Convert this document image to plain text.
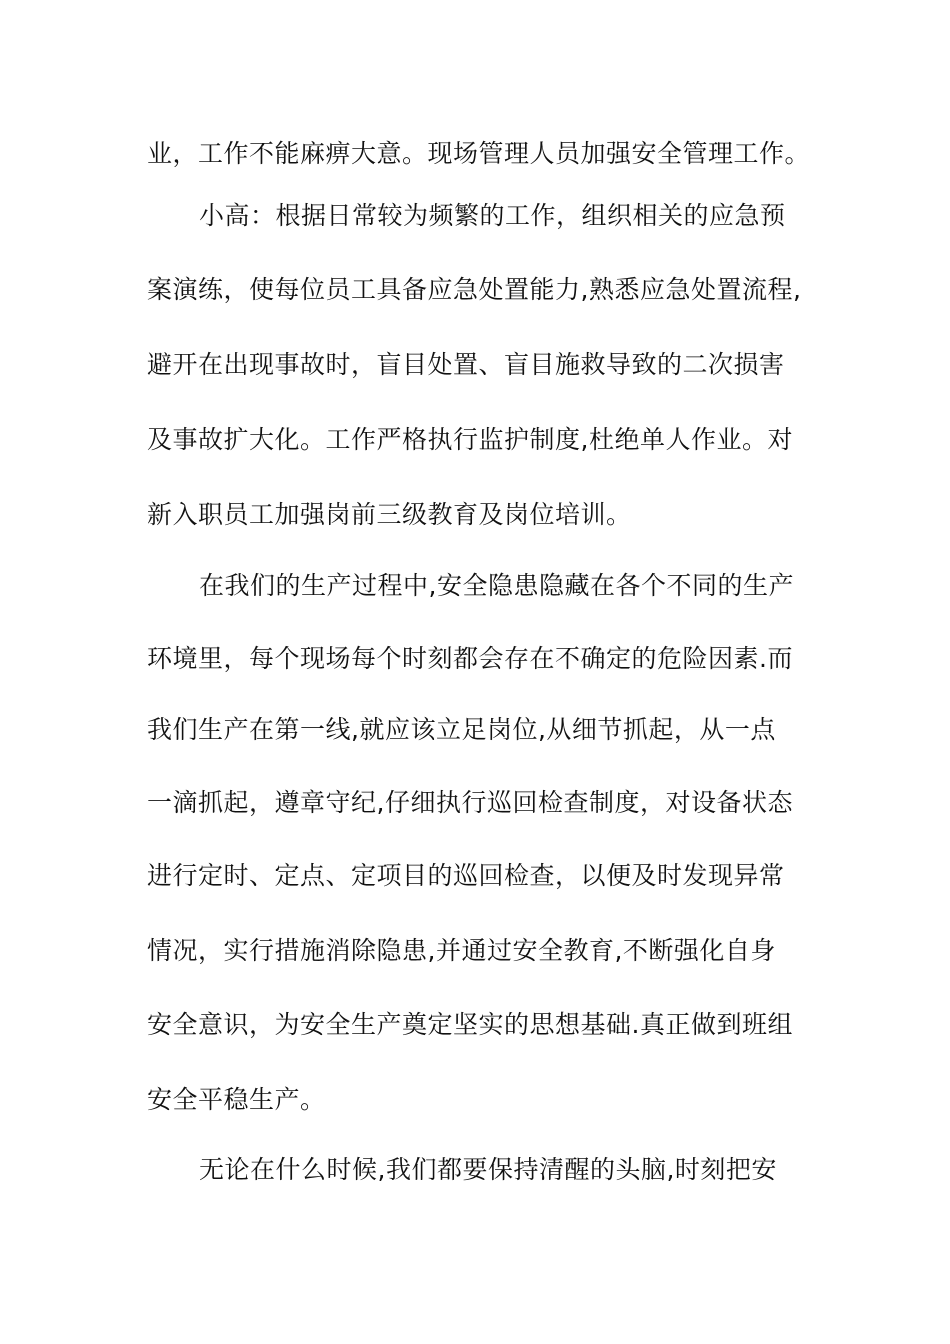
业，工作不能麻痹大意。现场管理人员加强安全管理工作。
小高：根据日常较为频繁的工作，组织相关的应急预
案演练，使每位员工具备应急处置能力,熟悉应急处置流程,
避开在出现事故时，盲目处置、盲目施救导致的二次损害
及事故扩大化。工作严格执行监护制度,杜绝单人作业。对
新入职员工加强岗前三级教育及岗位培训。
在我们的生产过程中,安全隐患隐藏在各个不同的生产
环境里，每个现场每个时刻都会存在不确定的危险因素.而
我们生产在第一线,就应该立足岗位,从细节抓起，从一点
一滴抓起，遵章守纪,仔细执行巡回检查制度，对设备状态
进行定时、定点、定项目的巡回检查，以便及时发现异常
情况，实行措施消除隐患,并通过安全教育,不断强化自身
安全意识，为安全生产奠定坚实的思想基础.真正做到班组
安全平稳生产。
无论在什么时候,我们都要保持清醒的头脑,时刻把安
